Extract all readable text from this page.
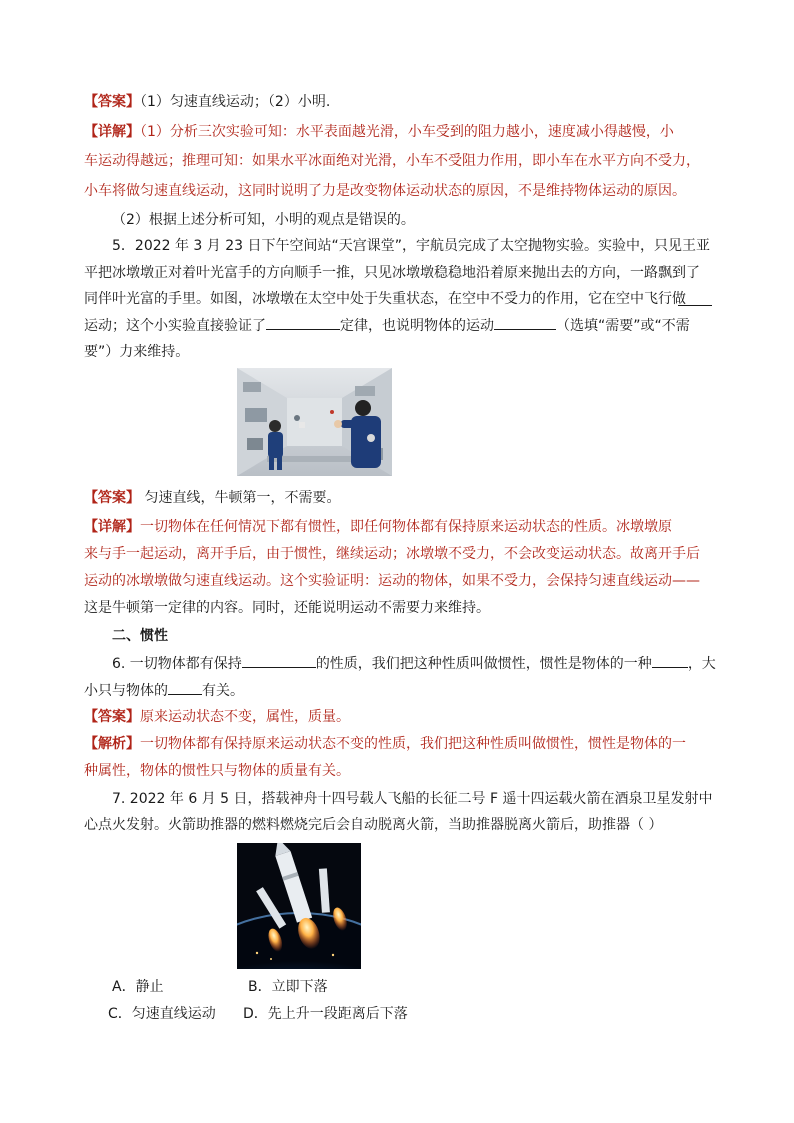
【答案】（1）匀速直线运动；（2）小明.
【详解】（1）分析三次实验可知：水平表面越光滑，小车受到的阻力越小，速度减小得越慢，小
车运动得越远；推理可知：如果水平冰面绝对光滑，小车不受阻力作用，即小车在水平方向不受力，
小车将做匀速直线运动，这同时说明了力是改变物体运动状态的原因，不是维持物体运动的原因。
（2）根据上述分析可知，小明的观点是错误的。
5．2022 年 3 月 23 日下午空间站“天宫课堂”，宇航员完成了太空抛物实验。实验中，只见王亚
平把冰墩墩正对着叶光富手的方向顺手一推，只见冰墩墩稳稳地沿着原来抛出去的方向，一路飘到了
同伴叶光富的手里。如图，冰墩墩在太空中处于失重状态，在空中不受力的作用，它在空中飞行做
运动；这个小实验直接验证了	定律，也说明物体的运动	（选填“需要”或“不需
要”）力来维持。
【答案】 匀速直线，牛顿第一，不需要。
【详解】一切物体在任何情况下都有惯性，即任何物体都有保持原来运动状态的性质。冰墩墩原
来与手一起运动，离开手后，由于惯性，继续运动；冰墩墩不受力，不会改变运动状态。故离开手后
运动的冰墩墩做匀速直线运动。这个实验证明：运动的物体，如果不受力，会保持匀速直线运动——
这是牛顿第一定律的内容。同时，还能说明运动不需要力来维持。
二、惯性
6. 一切物体都有保持	的性质，我们把这种性质叫做惯性，惯性是物体的一种	，大
小只与物体的 有关。
【答案】原来运动状态不变，属性，质量。
【解析】一切物体都有保持原来运动状态不变的性质，我们把这种性质叫做惯性，惯性是物体的一
种属性，物体的惯性只与物体的质量有关。
7. 2022 年 6 月 5 日，搭载神舟十四号载人飞船的长征二号 F 遥十四运载火箭在酒泉卫星发射中
心点火发射。火箭助推器的燃料燃烧完后会自动脱离火箭，当助推器脱离火箭后，助推器（ ）
A．静止	B．立即下落
C．匀速直线运动 D．先上升一段距离后下落
